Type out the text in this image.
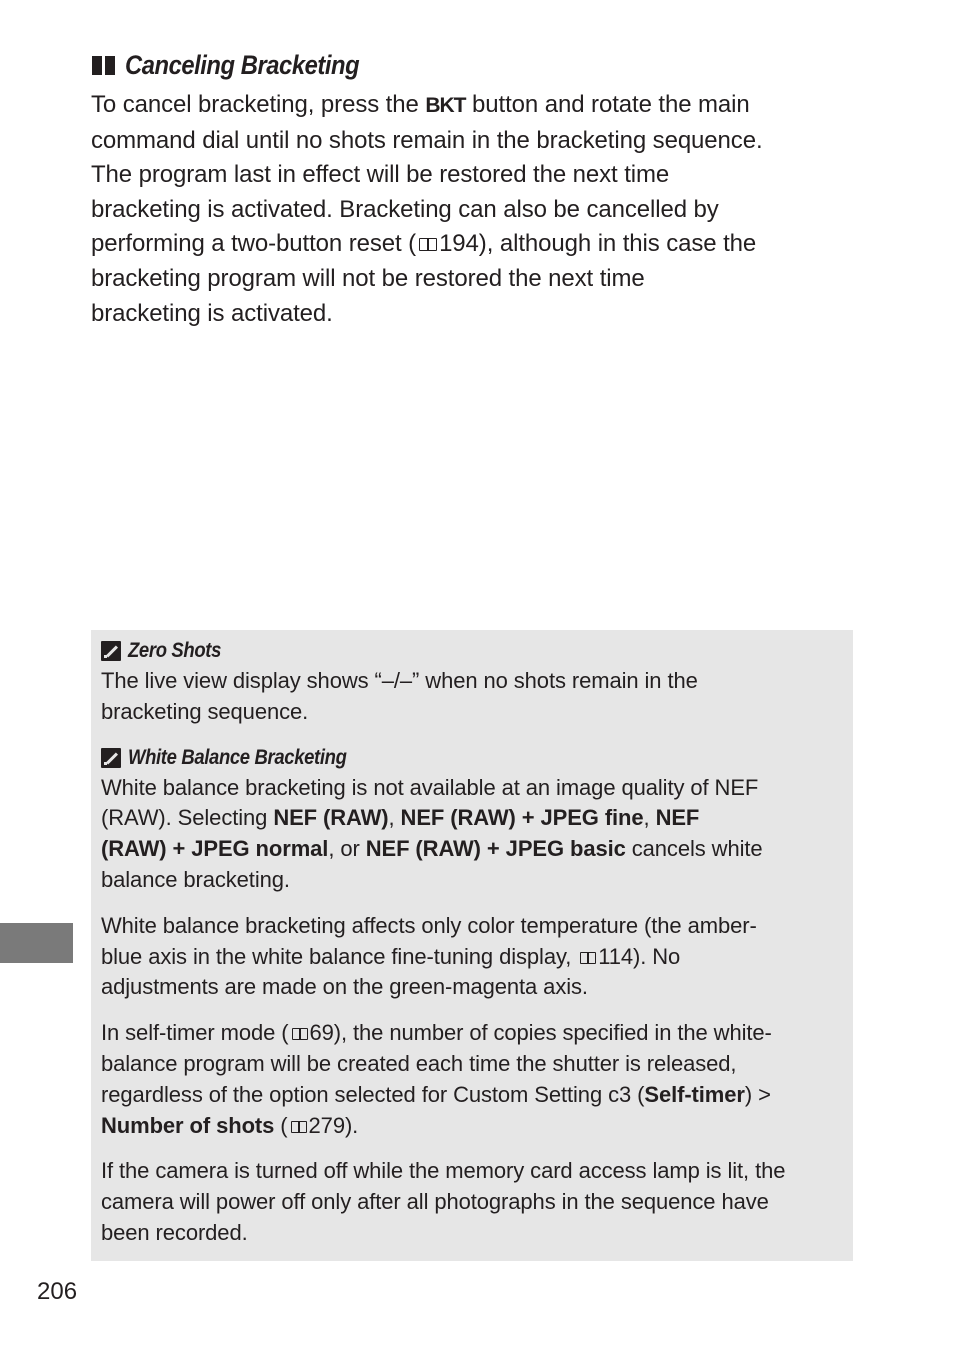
Canceling Bracketing

To cancel bracketing, press the BKT button and rotate the main
command dial until no shots remain in the bracketing sequence.
The program last in effect will be restored the next time
bracketing is activated. Bracketing can also be cancelled by
performing a two-button reset ( 194), although in this case the
bracketing program will not be restored the next time
bracketing is activated.

Zero Shots

The live view display shows “–/–” when no shots remain in the
bracketing sequence.

White Balance Bracketing

White balance bracketing is not available at an image quality of NEF
(RAW). Selecting NEF (RAW), NEF (RAW) + JPEG fine, NEF
(RAW) + JPEG normal, or NEF (RAW) + JPEG basic cancels white
balance bracketing.

White balance bracketing affects only color temperature (the amber-
blue axis in the white balance fine-tuning display, 114). No
adjustments are made on the green-magenta axis.

In self-timer mode ( 69), the number of copies specified in the white-
balance program will be created each time the shutter is released,
regardless of the option selected for Custom Setting c3 (Self-timer) >
Number of shots ( 279).

If the camera is turned off while the memory card access lamp is lit, the
camera will power off only after all photographs in the sequence have
been recorded.

206
